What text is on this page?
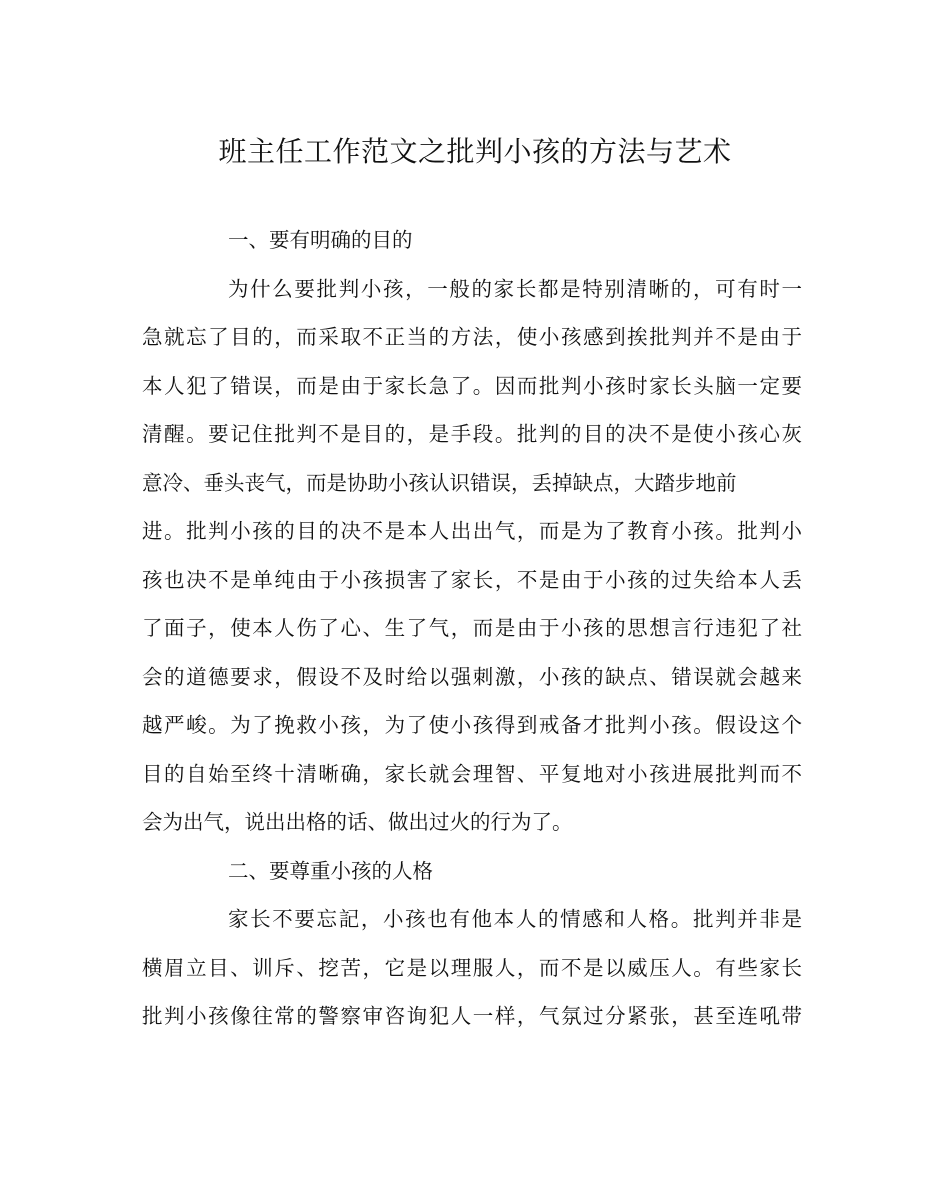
班主任工作范文之批判小孩的方法与艺术
一、要有明确的目的

为什么要批判小孩，一般的家长都是特别清晰的，可有时一
急就忘了目的，而采取不正当的方法，使小孩感到挨批判并不是由于
本人犯了错误，而是由于家长急了。因而批判小孩时家长头脑一定要
清醒。要记住批判不是目的，是手段。批判的目的决不是使小孩心灰
意冷、垂头丧气，而是协助小孩认识错误，丢掉缺点，大踏步地前
进。批判小孩的目的决不是本人出出气，而是为了教育小孩。批判小
孩也决不是单纯由于小孩损害了家长，不是由于小孩的过失给本人丢
了面子，使本人伤了心、生了气，而是由于小孩的思想言行违犯了社
会的道德要求，假设不及时给以强刺激，小孩的缺点、错误就会越来
越严峻。为了挽救小孩，为了使小孩得到戒备才批判小孩。假设这个
目的自始至终十清晰确，家长就会理智、平复地对小孩进展批判而不
会为出气，说出出格的话、做出过火的行为了。

二、要尊重小孩的人格

家长不要忘記，小孩也有他本人的情感和人格。批判并非是
横眉立目、训斥、挖苦，它是以理服人，而不是以威压人。有些家长
批判小孩像往常的警察审咨询犯人一样，气氛过分紧张，甚至连吼带
